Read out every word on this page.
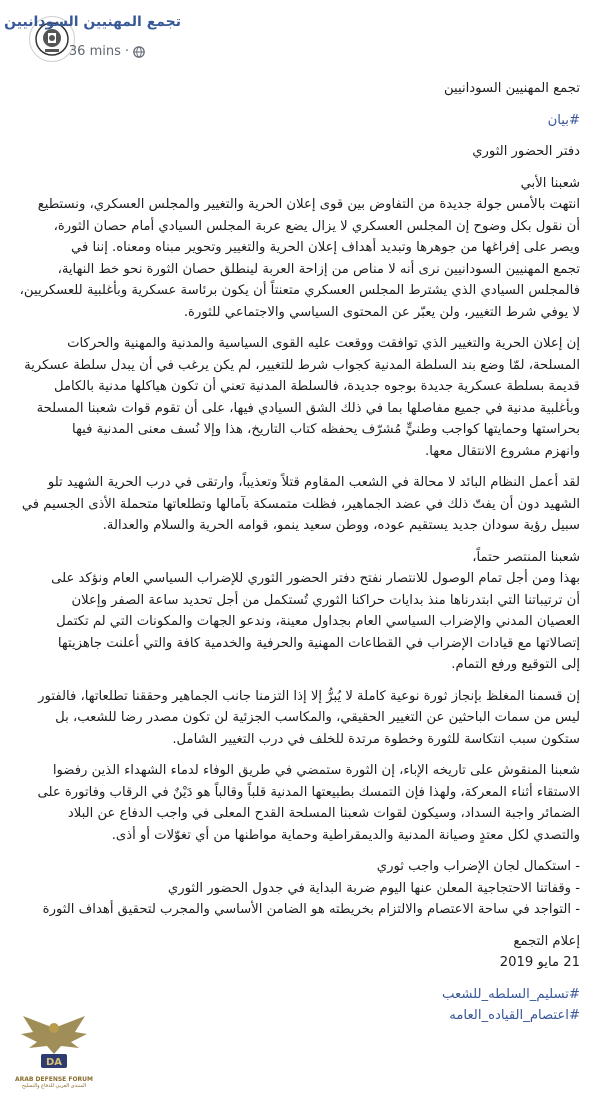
تجمع المهنيين السودانيين
36 mins ·

تجمع المهنيين السودانيين

#بيان

دفتر الحضور الثوري

شعبنا الأبي
انتهت بالأمس جولة جديدة من التفاوض بين قوى إعلان الحرية والتغيير والمجلس العسكري، ونستطيع
أن نقول بكل وضوح إن المجلس العسكري لا يزال يضع عربة المجلس السيادي أمام حصان الثورة،
ويصر على إفراغها من جوهرها وتبديد أهداف إعلان الحرية والتغيير وتحوير مبناه ومعناه. إننا في
تجمع المهنيين السودانيين نرى أنه لا مناص من إزاحة العربة لينطلق حصان الثورة نحو خط النهاية،
فالمجلس السيادي الذي يشترط المجلس العسكري متعنتاً أن يكون برئاسة عسكرية وبأغلبية للعسكريين،
لا يوفي شرط التغيير، ولن يعبّر عن المحتوى السياسي والاجتماعي للثورة.

إن إعلان الحرية والتغيير الذي توافقت ووقعت عليه القوى السياسية والمدنية والمهنية والحركات
المسلحة، لمّا وضع بند السلطة المدنية كجواب شرط للتغيير، لم يكن يرغب في أن يبدل سلطة عسكرية
قديمة بسلطة عسكرية جديدة بوجوه جديدة، فالسلطة المدنية تعني أن تكون هياكلها مدنية بالكامل
وبأغلبية مدنية في جميع مفاصلها بما في ذلك الشق السيادي فيها، على أن تقوم قوات شعبنا المسلحة
بحراستها وحمايتها كواجب وطنيٍّ مُشرّف يحفظه كتاب التاريخ، هذا وإلا نُسف معنى المدنية فيها
وانهزم مشروع الانتقال معها.

لقد أعمل النظام البائد لا محالة في الشعب المقاوم قتلاً وتعذيباً، وارتقى في درب الحرية الشهيد تلو
الشهيد دون أن يفتّ ذلك في عضد الجماهير، فظلت متمسكة بآمالها وتطلعاتها متحملة الأذى الجسيم في
سبيل رؤية سودان جديد يستقيم عوده، ووطن سعيد ينمو، قوامه الحرية والسلام والعدالة.

شعبنا المنتصر حتماً،
بهذا ومن أجل تمام الوصول للانتصار نفتح دفتر الحضور الثوري للإضراب السياسي العام ونؤكد على
أن ترتيباتنا التي ابتدرناها منذ بدايات حراكنا الثوري تُستكمل من أجل تحديد ساعة الصفر وإعلان
العصيان المدني والإضراب السياسي العام بجداول معينة، وندعو الجهات والمكونات التي لم تكتمل
إتصالاتها مع قيادات الإضراب في القطاعات المهنية والحرفية والخدمية كافة والتي أعلنت جاهزيتها
إلى التوقيع ورفع التمام.

إن قسمنا المغلظ بإنجاز ثورة نوعية كاملة لا يُبرُّ إلا إذا التزمنا جانب الجماهير وحققنا تطلعاتها، فالفتور
ليس من سمات الباحثين عن التغيير الحقيقي، والمكاسب الجزئية لن تكون مصدر رضا للشعب، بل
ستكون سبب انتكاسة للثورة وخطوة مرتدة للخلف في درب التغيير الشامل.

شعبنا المنقوش على تاريخه الإباء، إن الثورة ستمضي في طريق الوفاء لدماء الشهداء الذين رفضوا
الاستقاء أثناء المعركة، ولهذا فإن التمسك بطبيعتها المدنية قلباً وقالباً هو دَيْنٌ في الرقاب وفاتورة على
الضمائر واجبة السداد، وسيكون لقوات شعبنا المسلحة القدح المعلى في واجب الدفاع عن البلاد
والتصدي لكل معتدٍ وصيانة المدنية والديمقراطية وحماية مواطنها من أي تغوّلات أو أذى.

- استكمال لجان الإضراب واجب ثوري
- وقفاتنا الاحتجاجية المعلن عنها اليوم ضربة البداية في جدول الحضور الثوري
- التواجد في ساحة الاعتصام والالتزام بخريطته هو الضامن الأساسي والمجرب لتحقيق أهداف الثورة

إعلام التجمع
21 مايو 2019

#تسليم_السلطه_للشعب
#اعتصام_القياده_العامه

DA
ARAB DEFENSE FORUM
المنتدى العربي للدفاع والتسليح
